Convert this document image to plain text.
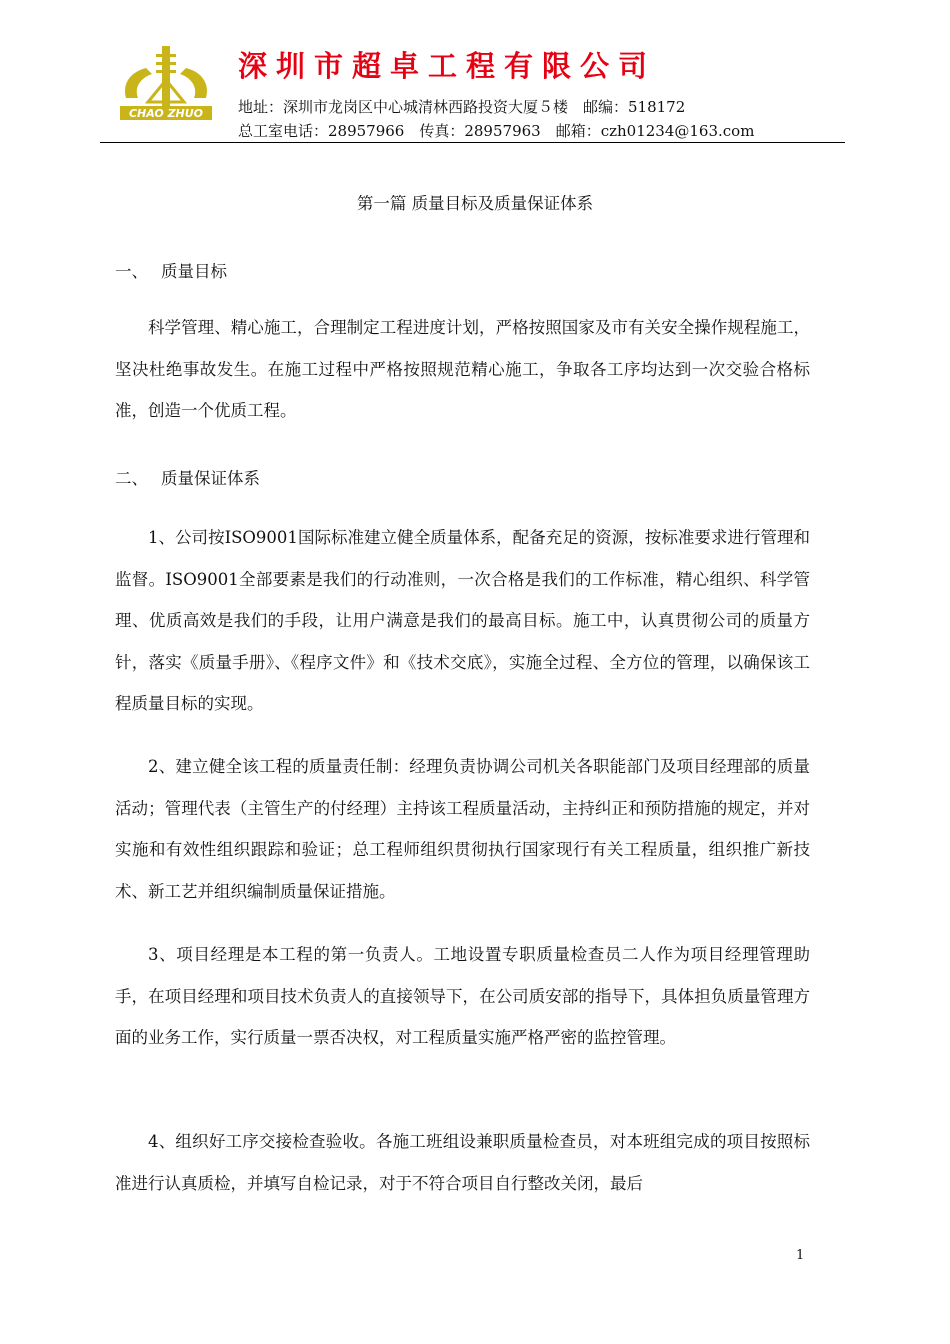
CHAO ZHUO
深圳市超卓工程有限公司
地址：深圳市龙岗区中心城清林西路投资大厦５楼　邮编：518172
总工室电话：28957966　传真：28957963　邮箱：czh01234@163.com
第一篇 质量目标及质量保证体系
一、 质量目标

科学管理、精心施工，合理制定工程进度计划，严格按照国家及市有关安全操作规程施工，坚决杜绝事故发生。在施工过程中严格按照规范精心施工，争取各工序均达到一次交验合格标准，创造一个优质工程。

二、 质量保证体系

1、公司按ISO9001国际标准建立健全质量体系，配备充足的资源，按标准要求进行管理和监督。ISO9001全部要素是我们的行动准则，一次合格是我们的工作标准，精心组织、科学管理、优质高效是我们的手段，让用户满意是我们的最高目标。施工中，认真贯彻公司的质量方针，落实《质量手册》、《程序文件》和《技术交底》，实施全过程、全方位的管理，以确保该工程质量目标的实现。

2、建立健全该工程的质量责任制：经理负责协调公司机关各职能部门及项目经理部的质量活动；管理代表（主管生产的付经理）主持该工程质量活动，主持纠正和预防措施的规定，并对实施和有效性组织跟踪和验证；总工程师组织贯彻执行国家现行有关工程质量，组织推广新技术、新工艺并组织编制质量保证措施。

3、项目经理是本工程的第一负责人。工地设置专职质量检查员二人作为项目经理管理助手，在项目经理和项目技术负责人的直接领导下，在公司质安部的指导下，具体担负质量管理方面的业务工作，实行质量一票否决权，对工程质量实施严格严密的监控管理。

4、组织好工序交接检查验收。各施工班组设兼职质量检查员，对本班组完成的项目按照标准进行认真质检，并填写自检记录，对于不符合项目自行整改关闭，最后

1
